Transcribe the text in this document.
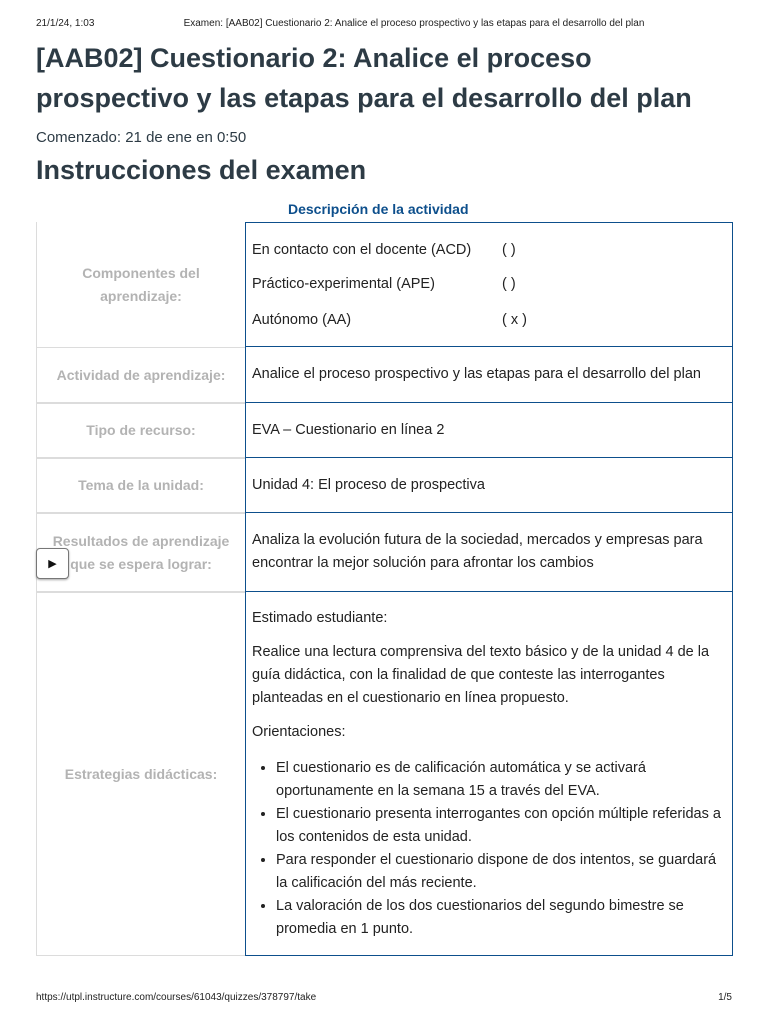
21/1/24, 1:03	Examen: [AAB02] Cuestionario 2: Analice el proceso prospectivo y las etapas para el desarrollo del plan
[AAB02] Cuestionario 2: Analice el proceso prospectivo y las etapas para el desarrollo del plan
Comenzado: 21 de ene en 0:50
Instrucciones del examen
Descripción de la actividad
Componentes del aprendizaje:
En contacto con el docente (ACD) ( )
Práctico-experimental (APE)	( )
Autónomo (AA)	( x )
Actividad de aprendizaje: Analice el proceso prospectivo y las etapas para el desarrollo del plan
Tipo de recurso:	EVA – Cuestionario en línea 2
Tema de la unidad:	Unidad 4: El proceso de prospectiva
Resultados de aprendizaje que se espera lograr:
Analiza la evolución futura de la sociedad, mercados y empresas para encontrar la mejor solución para afrontar los cambios
Estrategias didácticas:

Estimado estudiante:

Realice una lectura comprensiva del texto básico y de la unidad 4 de la guía didáctica, con la finalidad de que conteste las interrogantes planteadas en el cuestionario en línea propuesto.

Orientaciones:

• El cuestionario es de calificación automática y se activará oportunamente en la semana 15 a través del EVA.
• El cuestionario presenta interrogantes con opción múltiple referidas a los contenidos de esta unidad.
• Para responder el cuestionario dispone de dos intentos, se guardará la calificación del más reciente.
• La valoración de los dos cuestionarios del segundo bimestre se promedia en 1 punto.
▶
https://utpl.instructure.com/courses/61043/quizzes/378797/take	1/5
